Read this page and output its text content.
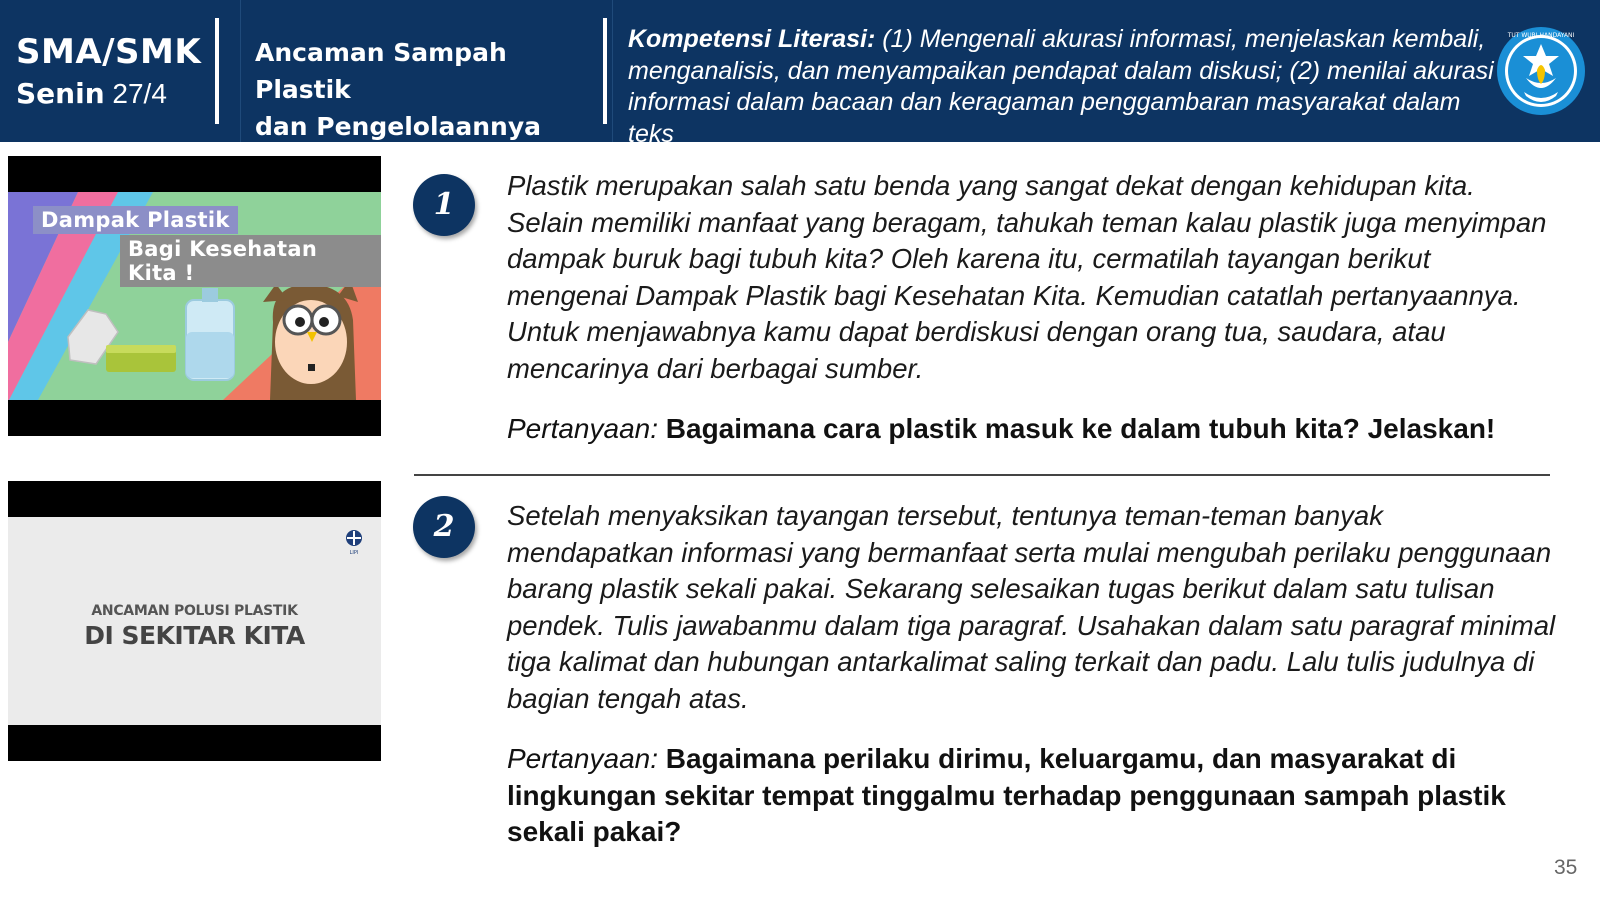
SMA/SMK
Senin 27/4
Ancaman Sampah Plastik
dan Pengelolaannya
Kompetensi Literasi: (1) Mengenali akurasi informasi, menjelaskan kembali, menganalisis, dan menyampaikan pendapat dalam diskusi; (2) menilai akurasi informasi dalam bacaan dan keragaman penggambaran masyarakat dalam teks
TUT WURI HANDAYANI
Dampak Plastik
Bagi Kesehatan Kita !
LIPI
ANCAMAN POLUSI PLASTIK
DI SEKITAR KITA
1
Plastik merupakan salah satu benda yang sangat dekat dengan kehidupan kita. Selain memiliki manfaat yang beragam, tahukah teman kalau plastik juga menyimpan dampak buruk bagi tubuh kita? Oleh karena itu, cermatilah tayangan berikut mengenai Dampak Plastik bagi Kesehatan Kita. Kemudian catatlah pertanyaannya. Untuk menjawabnya kamu dapat berdiskusi dengan orang tua, saudara, atau mencarinya dari berbagai sumber.
Pertanyaan: Bagaimana cara plastik masuk ke dalam tubuh kita? Jelaskan!
2	Setelah menyaksikan tayangan tersebut, tentunya teman-teman banyak mendapatkan informasi yang bermanfaat serta mulai mengubah perilaku penggunaan barang plastik sekali pakai. Sekarang selesaikan tugas berikut dalam satu tulisan pendek. Tulis jawabanmu dalam tiga paragraf. Usahakan dalam satu paragraf minimal tiga kalimat dan hubungan antarkalimat saling terkait dan padu. Lalu tulis judulnya di bagian tengah atas.
Pertanyaan: Bagaimana perilaku dirimu, keluargamu, dan masyarakat di lingkungan sekitar tempat tinggalmu terhadap penggunaan sampah plastik sekali pakai?
35
